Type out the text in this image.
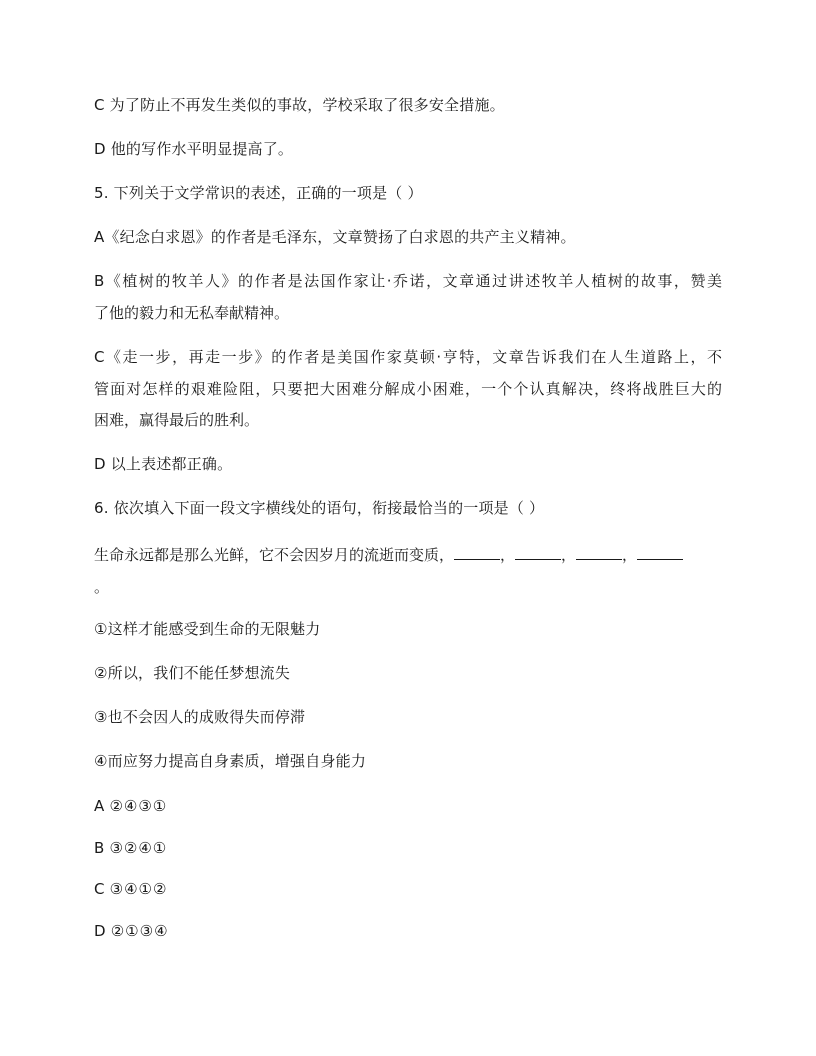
C 为了防止不再发生类似的事故，学校采取了很多安全措施。
D 他的写作水平明显提高了。
5. 下列关于文学常识的表述，正确的一项是（ ）
A《纪念白求恩》的作者是毛泽东，文章赞扬了白求恩的共产主义精神。
B《植树的牧羊人》的作者是法国作家让·乔诺，文章通过讲述牧羊人植树的故事，赞美
了他的毅力和无私奉献精神。
C《走一步，再走一步》的作者是美国作家莫顿·亨特，文章告诉我们在人生道路上，不
管面对怎样的艰难险阻，只要把大困难分解成小困难，一个个认真解决，终将战胜巨大的
困难，赢得最后的胜利。
D 以上表述都正确。
6. 依次填入下面一段文字横线处的语句，衔接最恰当的一项是（ ）
生命永远都是那么光鲜，它不会因岁月的流逝而变质，	，	，	，
。
①这样才能感受到生命的无限魅力
②所以，我们不能任梦想流失
③也不会因人的成败得失而停滞
④而应努力提高自身素质，增强自身能力
A ②④③①
B ③②④①
C ③④①②
D ②①③④
